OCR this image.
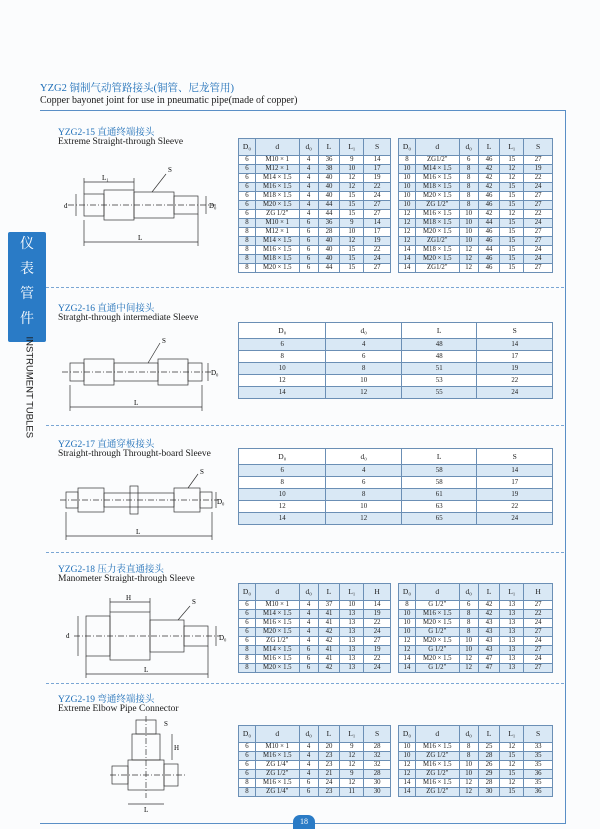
YZG2 铜制气动管路接头(铜管、尼龙管用)
Copper bayonet joint for use in pneumatic pipe(made of copper)
仪
表
管
件
INSTRUMENT TUBLES
YZG2-15 直通终端接头
Extreme Straight-through Sleeve
L₁
L
S
d	D₀
D₀	d	d₀	L	L₁	S
6	M10 × 1	4	36	9	14
6	M12 × 1	4	38	10	17
6	M14 × 1.5	4	40	12	19
6	M16 × 1.5	4	40	12	22
6	M18 × 1.5	4	40	15	24
6	M20 × 1.5	4	44	15	27
6	ZG 1/2"	4	44	15	27
8	M10 × 1	6	36	9	14
8	M12 × 1	6	28	10	17
8	M14 × 1.5	6	40	12	19
8	M16 × 1.5	6	40	15	22
8	M18 × 1.5	6	40	15	24
8	M20 × 1.5	6	44	15	27
D₀	d	d₀	L	L₁	S
8	ZG1/2"	6	46	15	27
10	M14 × 1.5	8	42	12	19
10	M16 × 1.5	8	42	12	22
10	M18 × 1.5	8	42	15	24
10	M20 × 1.5	8	46	15	27
10	ZG 1/2"	8	46	15	27
12	M16 × 1.5	10	42	12	22
12	M18 × 1.5	10	44	15	24
12	M20 × 1.5	10	46	15	27
12	ZG1/2"	10	46	15	27
14	M18 × 1.5	12	44	15	24
14	M20 × 1.5	12	46	15	24
14	ZG1/2"	12	46	15	27
YZG2-16 直通中间接头
Stratght-through intermediate Sleeve
S
L
D₀
D₀	d₀	L	S
6	4	48	14
8	6	48	17
10	8	51	19
12	10	53	22
14	12	55	24
YZG2-17 直通穿板接头
Straight-through Throught-board Sleeve
S
L
D₀
D₀	d₀	L	S
6	4	58	14
8	6	58	17
10	8	61	19
12	10	63	22
14	12	65	24
YZG2-18 压力表直通接头
Manometer Straight-through Sleeve
H	S
L
d	D₀
D₀	d	d₀	L	L₁	H
6	M10 × 1	4	37	10	14
6	M14 × 1.5	4	41	13	19
6	M16 × 1.5	4	41	13	22
6	M20 × 1.5	4	42	13	24
6	ZG 1/2"	4	42	13	27
8	M14 × 1.5	6	41	13	19
8	M16 × 1.5	6	41	13	22
8	M20 × 1.5	6	42	13	24
D₀	d	d₀	L	L₁	H
8	G 1/2"	6	42	13	27
10	M16 × 1.5	8	42	13	22
10	M20 × 1.5	8	43	13	24
10	G 1/2"	8	43	13	27
12	M20 × 1.5	10	43	13	24
12	G 1/2"	10	43	13	27
14	M20 × 1.5	12	47	13	24
14	G 1/2"	12	47	13	27
YZG2-19 弯通终端接头
Extreme Elbow Pipe Connector
H
S
L
D₀	d	d₀	L	L₁	S
6	M10 × 1	4	20	9	28
6	M16 × 1.5	4	23	12	32
6	ZG 1/4"	4	23	12	32
6	ZG 1/2"	4	21	9	28
8	M16 × 1.5	6	24	12	30
8	ZG 1/4"	6	23	11	30
D₀	d	d₀	L	L₁	S
10	M16 × 1.5	8	25	12	33
10	ZG 1/2"	8	28	15	35
12	M16 × 1.5	10	26	12	35
12	ZG 1/2"	10	29	15	36
14	M16 × 1.5	12	28	12	35
14	ZG 1/2"	12	30	15	36
18
